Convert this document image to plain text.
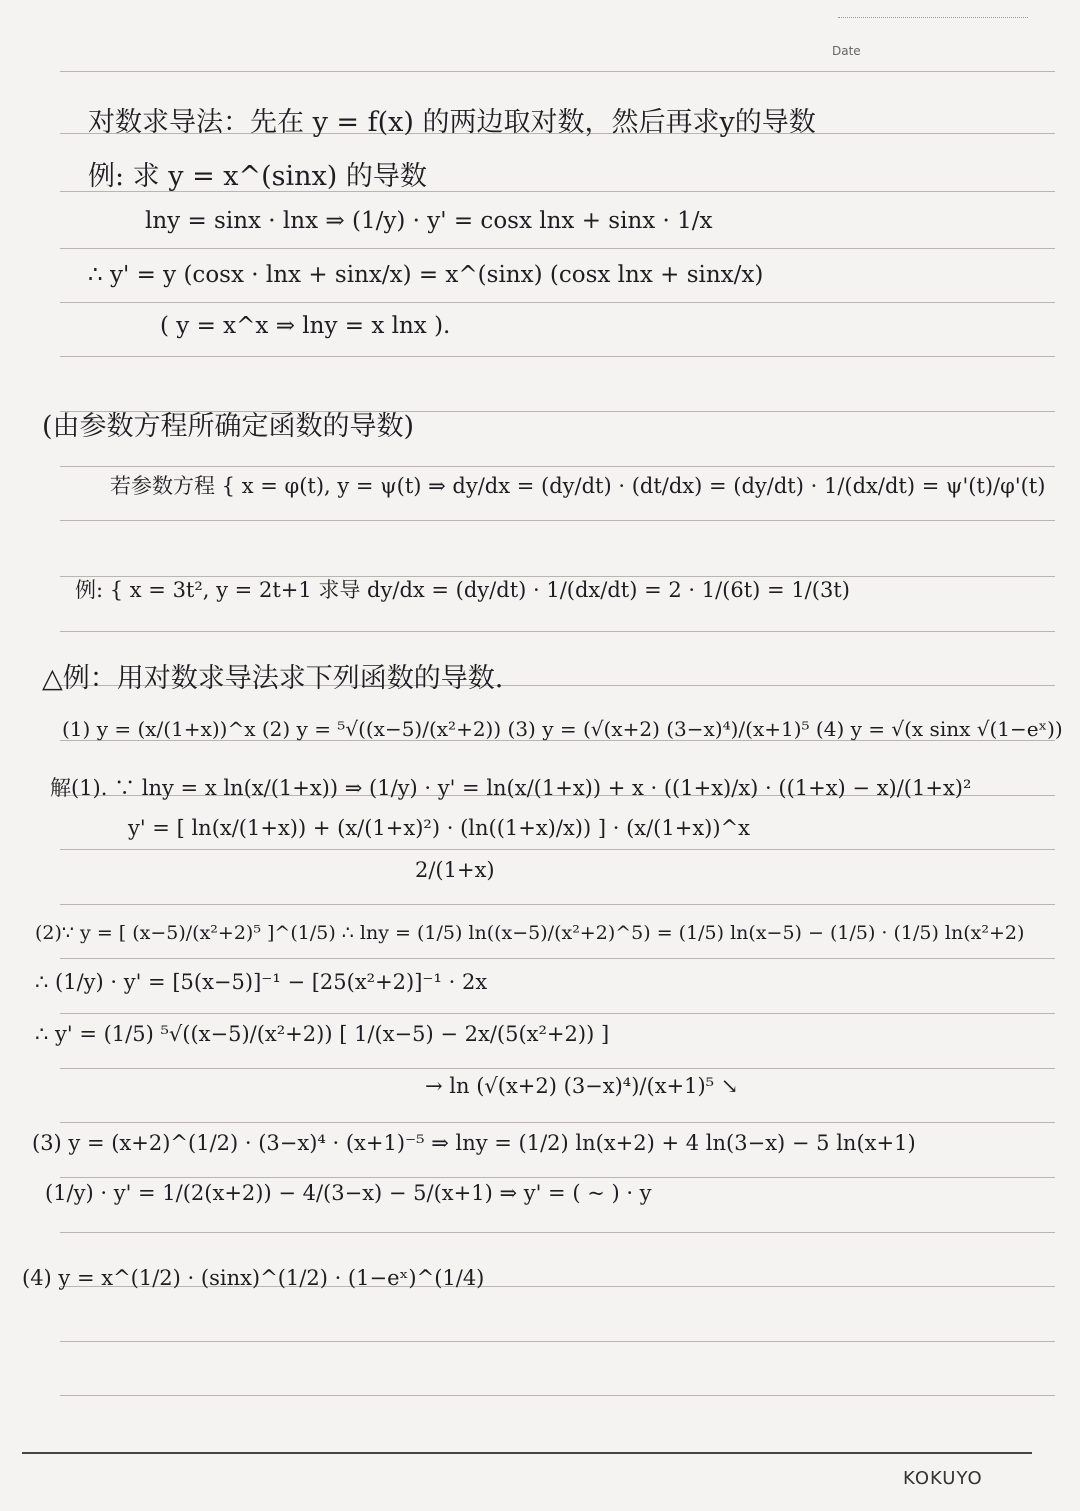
Date
对数求导法：先在 y = f(x) 的两边取对数，然后再求y的导数
例: 求 y = x^(sinx) 的导数
lny = sinx · lnx ⇒ (1/y) · y' = cosx lnx + sinx · 1/x
∴ y' = y (cosx · lnx + sinx/x) = x^(sinx) (cosx lnx + sinx/x)
( y = x^x ⇒ lny = x lnx ).
(由参数方程所确定函数的导数)
若参数方程 { x = φ(t), y = ψ(t) ⇒ dy/dx = (dy/dt) · (dt/dx) = (dy/dt) · 1/(dx/dt) = ψ'(t)/φ'(t)
例: { x = 3t², y = 2t+1 求导 dy/dx = (dy/dt) · 1/(dx/dt) = 2 · 1/(6t) = 1/(3t)
△例：用对数求导法求下列函数的导数.
(1) y = (x/(1+x))^x (2) y = ⁵√((x−5)/(x²+2)) (3) y = (√(x+2) (3−x)⁴)/(x+1)⁵ (4) y = √(x sinx √(1−eˣ))
解(1). ∵ lny = x ln(x/(1+x)) ⇒ (1/y) · y' = ln(x/(1+x)) + x · ((1+x)/x) · ((1+x) − x)/(1+x)²
y' = [ ln(x/(1+x)) + (x/(1+x)²) · (ln((1+x)/x)) ] · (x/(1+x))^x
2/(1+x)
(2)∵ y = [ (x−5)/(x²+2)⁵ ]^(1/5) ∴ lny = (1/5) ln((x−5)/(x²+2)^5) = (1/5) ln(x−5) − (1/5) · (1/5) ln(x²+2)
∴ (1/y) · y' = [5(x−5)]⁻¹ − [25(x²+2)]⁻¹ · 2x
∴ y' = (1/5) ⁵√((x−5)/(x²+2)) [ 1/(x−5) − 2x/(5(x²+2)) ]
→ ln (√(x+2) (3−x)⁴)/(x+1)⁵ ↘
(3) y = (x+2)^(1/2) · (3−x)⁴ · (x+1)⁻⁵ ⇒ lny = (1/2) ln(x+2) + 4 ln(3−x) − 5 ln(x+1)
(1/y) · y' = 1/(2(x+2)) − 4/(3−x) − 5/(x+1) ⇒ y' = ( ~ ) · y
(4) y = x^(1/2) · (sinx)^(1/2) · (1−eˣ)^(1/4)
KOKUYO
